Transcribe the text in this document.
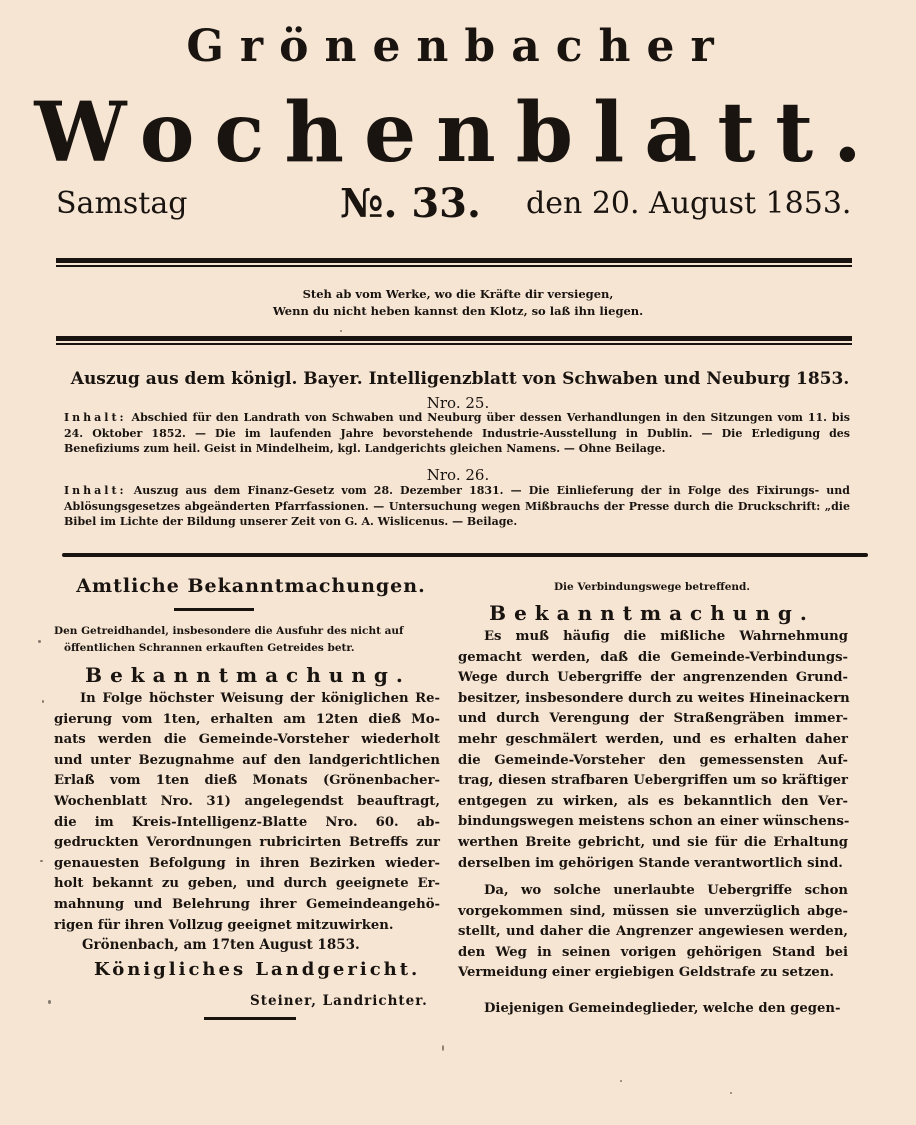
Grönenbacher
Wochenblatt.
Samstag	№. 33. den 20. August 1853.
Steh ab vom Werke, wo die Kräfte dir versiegen,
Wenn du nicht heben kannst den Klotz, so laß ihn liegen.
Auszug aus dem königl. Bayer. Intelligenzblatt von Schwaben und Neuburg 1853.
Nro. 25.
Inhalt: Abschied für den Landrath von Schwaben und Neuburg über dessen Verhandlungen in den Sitzungen vom 11. bis 24. Oktober 1852. — Die im laufenden Jahre bevorstehende Industrie-Ausstellung in Dublin. — Die Erledigung des Benefiziums zum heil. Geist in Mindelheim, kgl. Landgerichts gleichen Namens. — Ohne Beilage.
Nro. 26.
Inhalt: Auszug aus dem Finanz-Gesetz vom 28. Dezember 1831. — Die Einlieferung der in Folge des Fixirungs- und Ablösungsgesetzes abgeänderten Pfarrfassionen. — Untersuchung wegen Mißbrauchs der Presse durch die Druckschrift: „die Bibel im Lichte der Bildung unserer Zeit von G. A. Wislicenus. — Beilage.
Amtliche Bekanntmachungen.
Den Getreidhandel, insbesondere die Ausfuhr des nicht auf
öffentlichen Schrannen erkauften Getreides betr.
Bekanntmachung.

In Folge höchster Weisung der königlichen Re-

gierung vom 1ten, erhalten am 12ten dieß Mo-

nats werden die Gemeinde-Vorsteher wiederholt

und unter Bezugnahme auf den landgerichtlichen

Erlaß vom 1ten dieß Monats (Grönenbacher-

Wochenblatt Nro. 31) angelegendst beauftragt,

die im Kreis-Intelligenz-Blatte Nro. 60. ab-

gedruckten Verordnungen rubricirten Betreffs zur

genauesten Befolgung in ihren Bezirken wieder-

holt bekannt zu geben, und durch geeignete Er-

mahnung und Belehrung ihrer Gemeindeangehö-

rigen für ihren Vollzug geeignet mitzuwirken.

Grönenbach, am 17ten August 1853.
Königliches Landgericht.
Steiner, Landrichter.
Die Verbindungswege betreffend.
Bekanntmachung.

Es muß häufig die mißliche Wahrnehmung

gemacht werden, daß die Gemeinde-Verbindungs-

Wege durch Uebergriffe der angrenzenden Grund-

besitzer, insbesondere durch zu weites Hineinackern

und durch Verengung der Straßengräben immer-

mehr geschmälert werden, und es erhalten daher

die Gemeinde-Vorsteher den gemessensten Auf-

trag, diesen strafbaren Uebergriffen um so kräftiger

entgegen zu wirken, als es bekanntlich den Ver-

bindungswegen meistens schon an einer wünschens-

werthen Breite gebricht, und sie für die Erhaltung

derselben im gehörigen Stande verantwortlich sind.

Da, wo solche unerlaubte Uebergriffe schon

vorgekommen sind, müssen sie unverzüglich abge-

stellt, und daher die Angrenzer angewiesen werden,

den Weg in seinen vorigen gehörigen Stand bei

Vermeidung einer ergiebigen Geldstrafe zu setzen.

Diejenigen Gemeindeglieder, welche den gegen-
